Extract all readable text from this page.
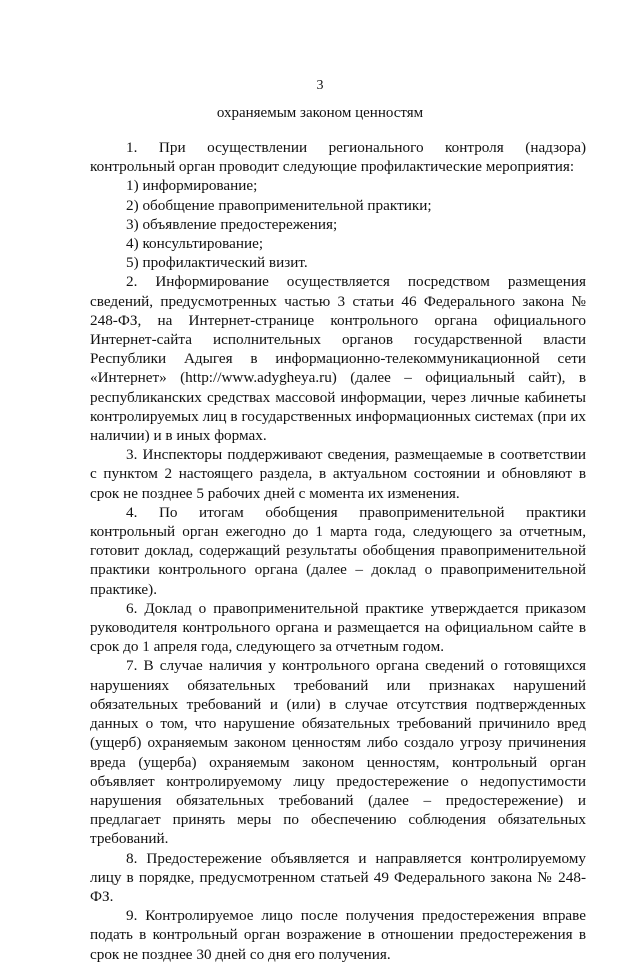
3
охраняемым законом ценностям

1. При осуществлении регионального контроля (надзора) контрольный орган проводит следующие профилактические мероприятия:

1) информирование;

2) обобщение правоприменительной практики;

3) объявление предостережения;

4) консультирование;

5) профилактический визит.

2. Информирование осуществляется посредством размещения сведений, предусмотренных частью 3 статьи 46 Федерального закона № 248-ФЗ, на Интернет-странице контрольного органа официального Интернет-сайта исполнительных органов государственной власти Республики Адыгея в информационно-телекоммуникационной сети «Интернет» (http://www.adygheya.ru) (далее – официальный сайт), в республиканских средствах массовой информации, через личные кабинеты контролируемых лиц в государственных информационных системах (при их наличии) и в иных формах.

3. Инспекторы поддерживают сведения, размещаемые в соответствии с пунктом 2 настоящего раздела, в актуальном состоянии и обновляют в срок не позднее 5 рабочих дней с момента их изменения.

4. По итогам обобщения правоприменительной практики контрольный орган ежегодно до 1 марта года, следующего за отчетным, готовит доклад, содержащий результаты обобщения правоприменительной практики контрольного органа (далее – доклад о правоприменительной практике).

6. Доклад о правоприменительной практике утверждается приказом руководителя контрольного органа и размещается на официальном сайте в срок до 1 апреля года, следующего за отчетным годом.

7. В случае наличия у контрольного органа сведений о готовящихся нарушениях обязательных требований или признаках нарушений обязательных требований и (или) в случае отсутствия подтвержденных данных о том, что нарушение обязательных требований причинило вред (ущерб) охраняемым законом ценностям либо создало угрозу причинения вреда (ущерба) охраняемым законом ценностям, контрольный орган объявляет контролируемому лицу предостережение о недопустимости нарушения обязательных требований (далее – предостережение) и предлагает принять меры по обеспечению соблюдения обязательных требований.

8. Предостережение объявляется и направляется контролируемому лицу в порядке, предусмотренном статьей 49 Федерального закона № 248-ФЗ.

9. Контролируемое лицо после получения предостережения вправе подать в контрольный орган возражение в отношении предостережения в срок не позднее 30 дней со дня его получения.
